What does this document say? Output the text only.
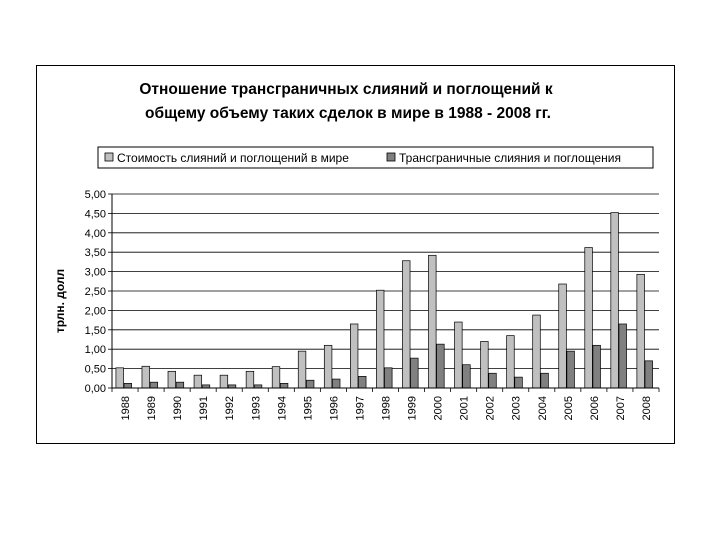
Отношение трансграничных слияний и поглощений к
общему объему таких сделок в мире в 1988 - 2008 гг.
Стоимость слияний и поглощений в мире	Трансграничные слияния и поглощения
трлн. долл
0,00
0,50
1,00
1,50
2,00
2,50
3,00
3,50
4,00
4,50
5,00
1988 1989 1990 1991 1992 1993 1994 1995 1996 1997 1998 1999 2000 2001 2002 2003 2004 2005 2006 2007 2008
